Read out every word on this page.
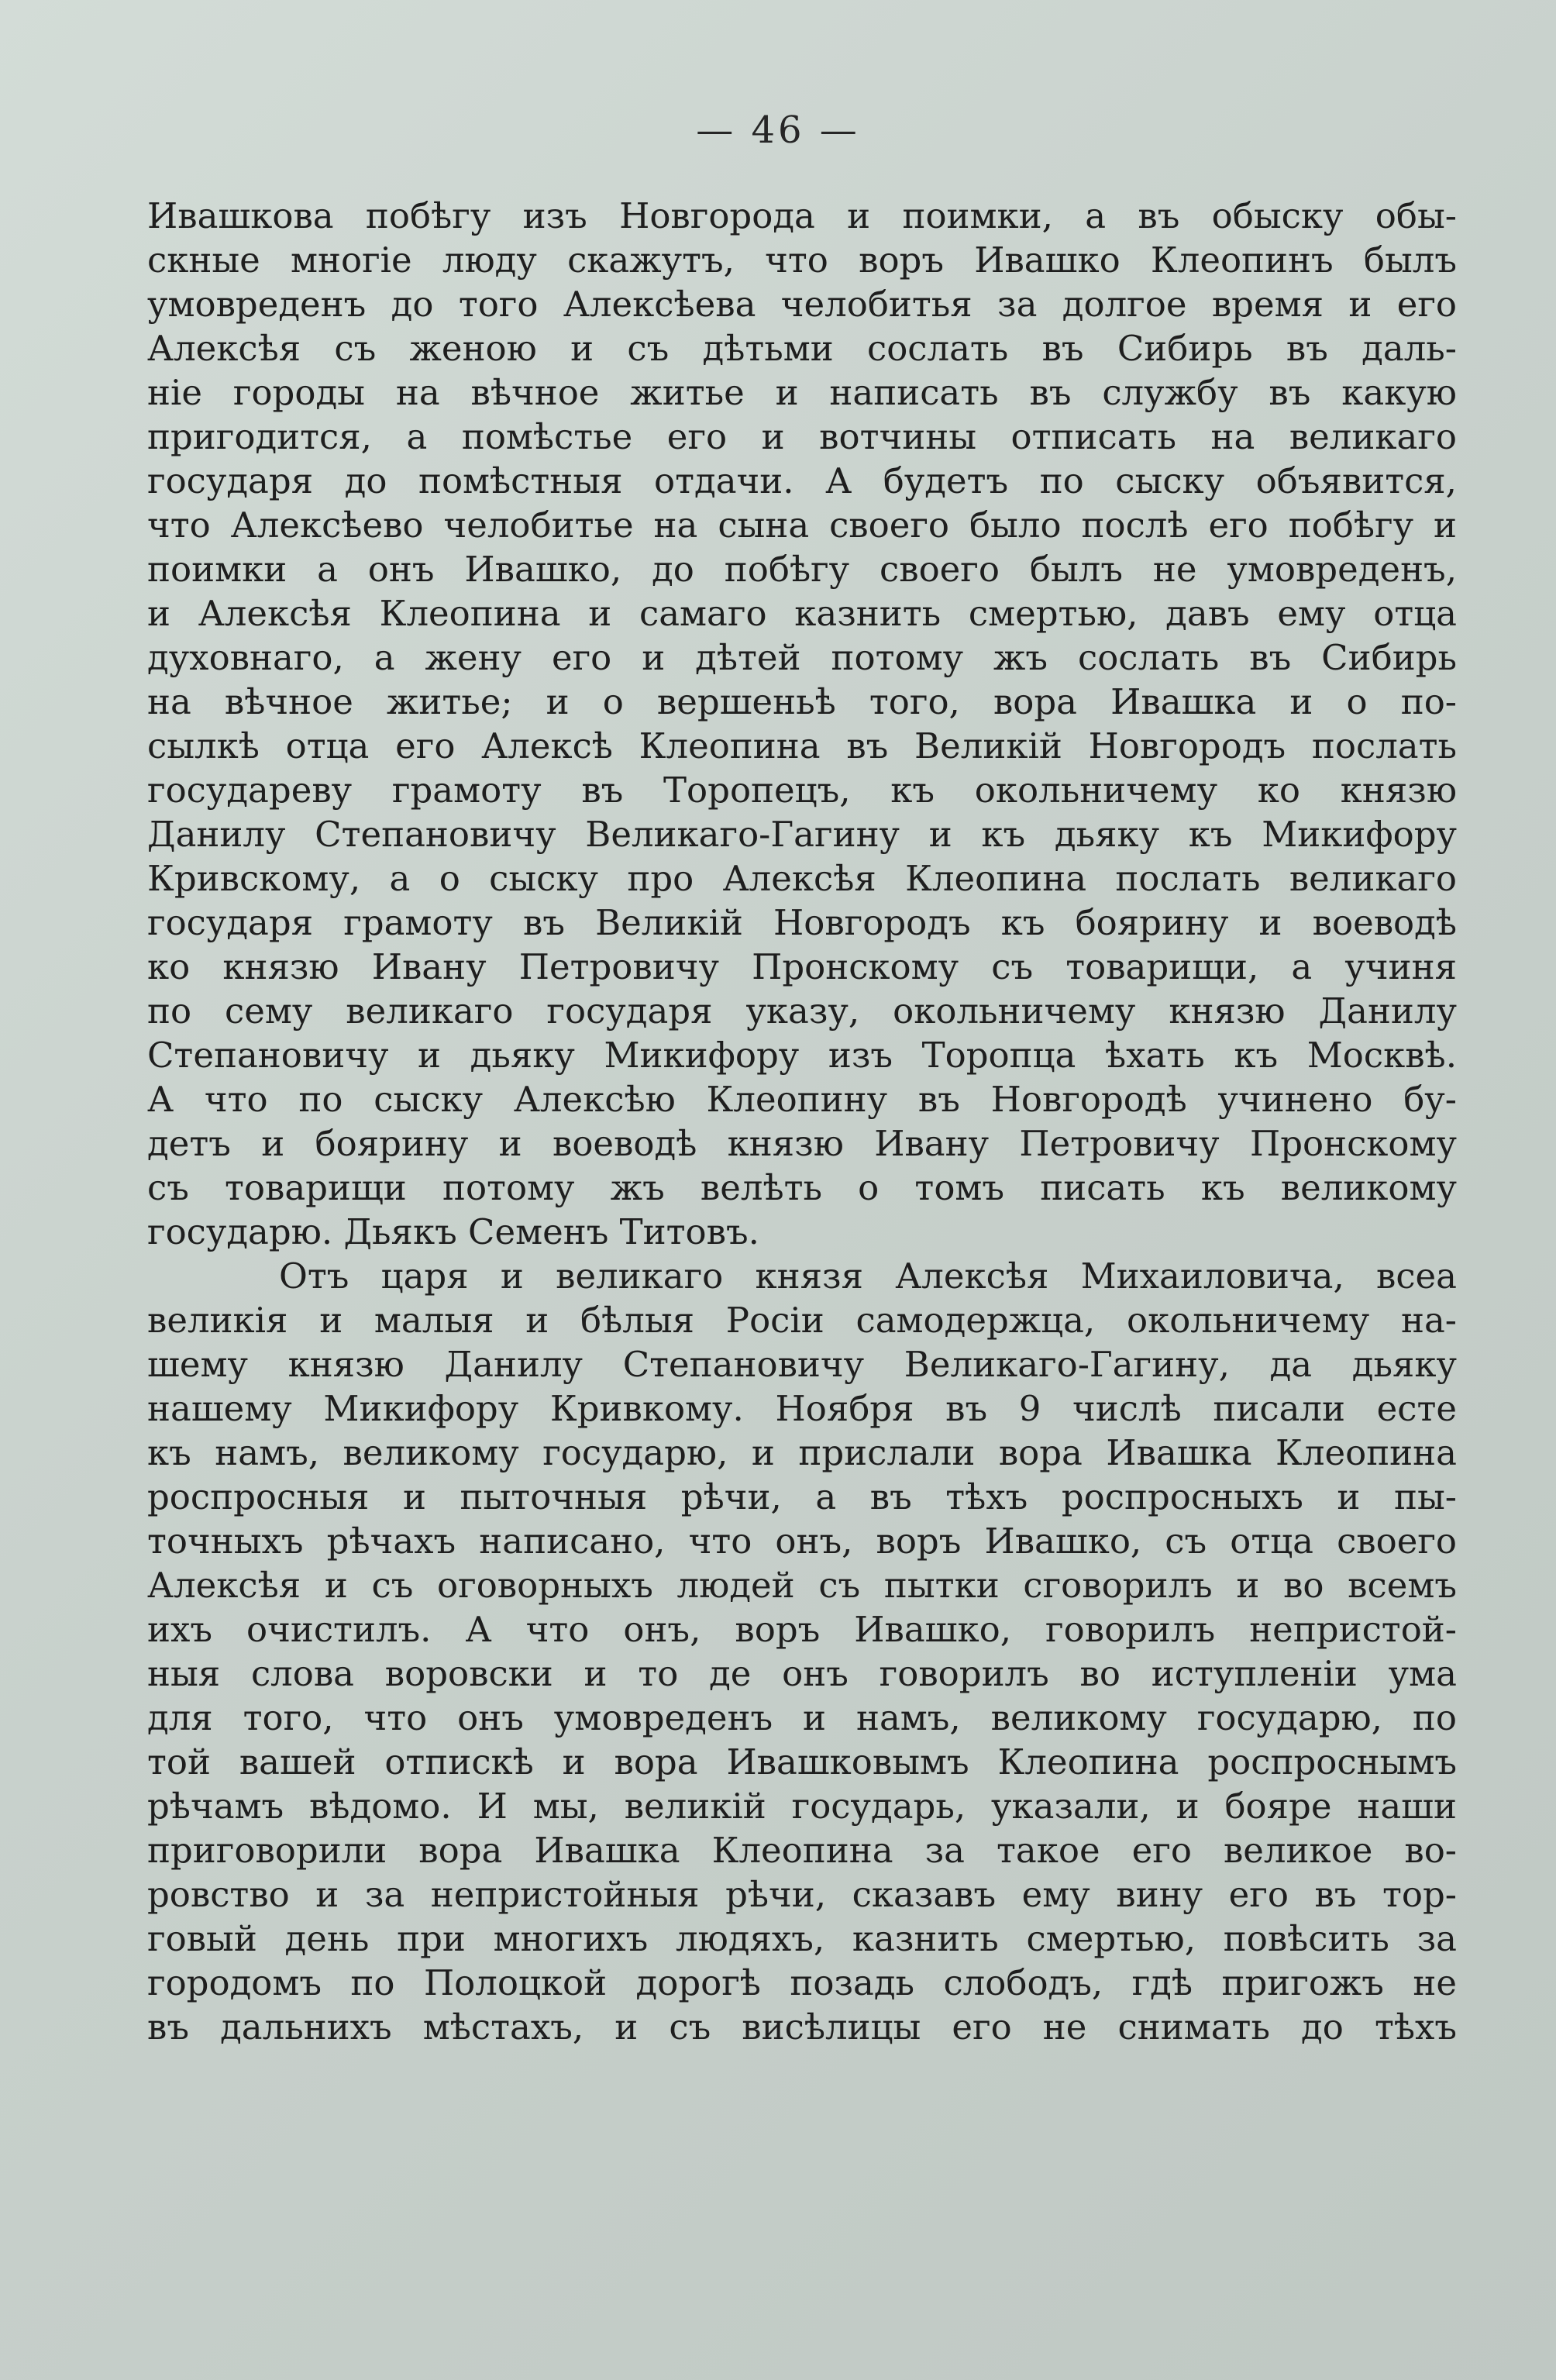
— 46 —
Ивашкова побѣгу изъ Новгорода и поимки, а въ обыску обы-
скные многіе люду скажутъ, что воръ Ивашко Клеопинъ былъ
умовреденъ до того Алексѣева челобитья за долгое время и его
Алексѣя съ женою и съ дѣтьми сослать въ Сибирь въ даль-
ніе городы на вѣчное житье и написать въ службу въ какую
пригодится, а помѣстье его и вотчины отписать на великаго
государя до помѣстныя отдачи. А будетъ по сыску объявится,
что Алексѣево челобитье на сына своего было послѣ его побѣгу и
поимки а онъ Ивашко, до побѣгу своего былъ не умовреденъ,
и Алексѣя Клеопина и самаго казнить смертью, давъ ему отца
духовнаго, а жену его и дѣтей потому жъ сослать въ Сибирь
на вѣчное житье; и о вершеньѣ того, вора Ивашка и о по-
сылкѣ отца его Алексѣ Клеопина въ Великій Новгородъ послать
государеву грамоту въ Торопецъ, къ окольничему ко князю
Данилу Степановичу Великаго-Гагину и къ дьяку къ Микифору
Кривскому, а о сыску про Алексѣя Клеопина послать великаго
государя грамоту въ Великій Новгородъ къ боярину и воеводѣ
ко князю Ивану Петровичу Пронскому съ товарищи, а учиня
по сему великаго государя указу, окольничему князю Данилу
Степановичу и дьяку Микифору изъ Торопца ѣхать къ Москвѣ.
А что по сыску Алексѣю Клеопину въ Новгородѣ учинено бу-
детъ и боярину и воеводѣ князю Ивану Петровичу Пронскому
съ товарищи потому жъ велѣть о томъ писать къ великому
государю. Дьякъ Семенъ Титовъ.
Отъ царя и великаго князя Алексѣя Михаиловича, всеа
великія и малыя и бѣлыя Росіи самодержца, окольничему на-
шему князю Данилу Степановичу Великаго-Гагину, да дьяку
нашему Микифору Кривкому. Ноября въ 9 числѣ писали есте
къ намъ, великому государю, и прислали вора Ивашка Клеопина
роспросныя и пыточныя рѣчи, а въ тѣхъ роспросныхъ и пы-
точныхъ рѣчахъ написано, что онъ, воръ Ивашко, съ отца своего
Алексѣя и съ оговорныхъ людей съ пытки сговорилъ и во всемъ
ихъ очистилъ. А что онъ, воръ Ивашко, говорилъ непристой-
ныя слова воровски и то де онъ говорилъ во иступленіи ума
для того, что онъ умовреденъ и намъ, великому государю, по
той вашей отпискѣ и вора Ивашковымъ Клеопина роспроснымъ
рѣчамъ вѣдомо. И мы, великій государь, указали, и бояре наши
приговорили вора Ивашка Клеопина за такое его великое во-
ровство и за непристойныя рѣчи, сказавъ ему вину его въ тор-
говый день при многихъ людяхъ, казнить смертью, повѣсить за
городомъ по Полоцкой дорогѣ позадь слободъ, гдѣ пригожъ не
въ дальнихъ мѣстахъ, и съ висѣлицы его не снимать до тѣхъ
